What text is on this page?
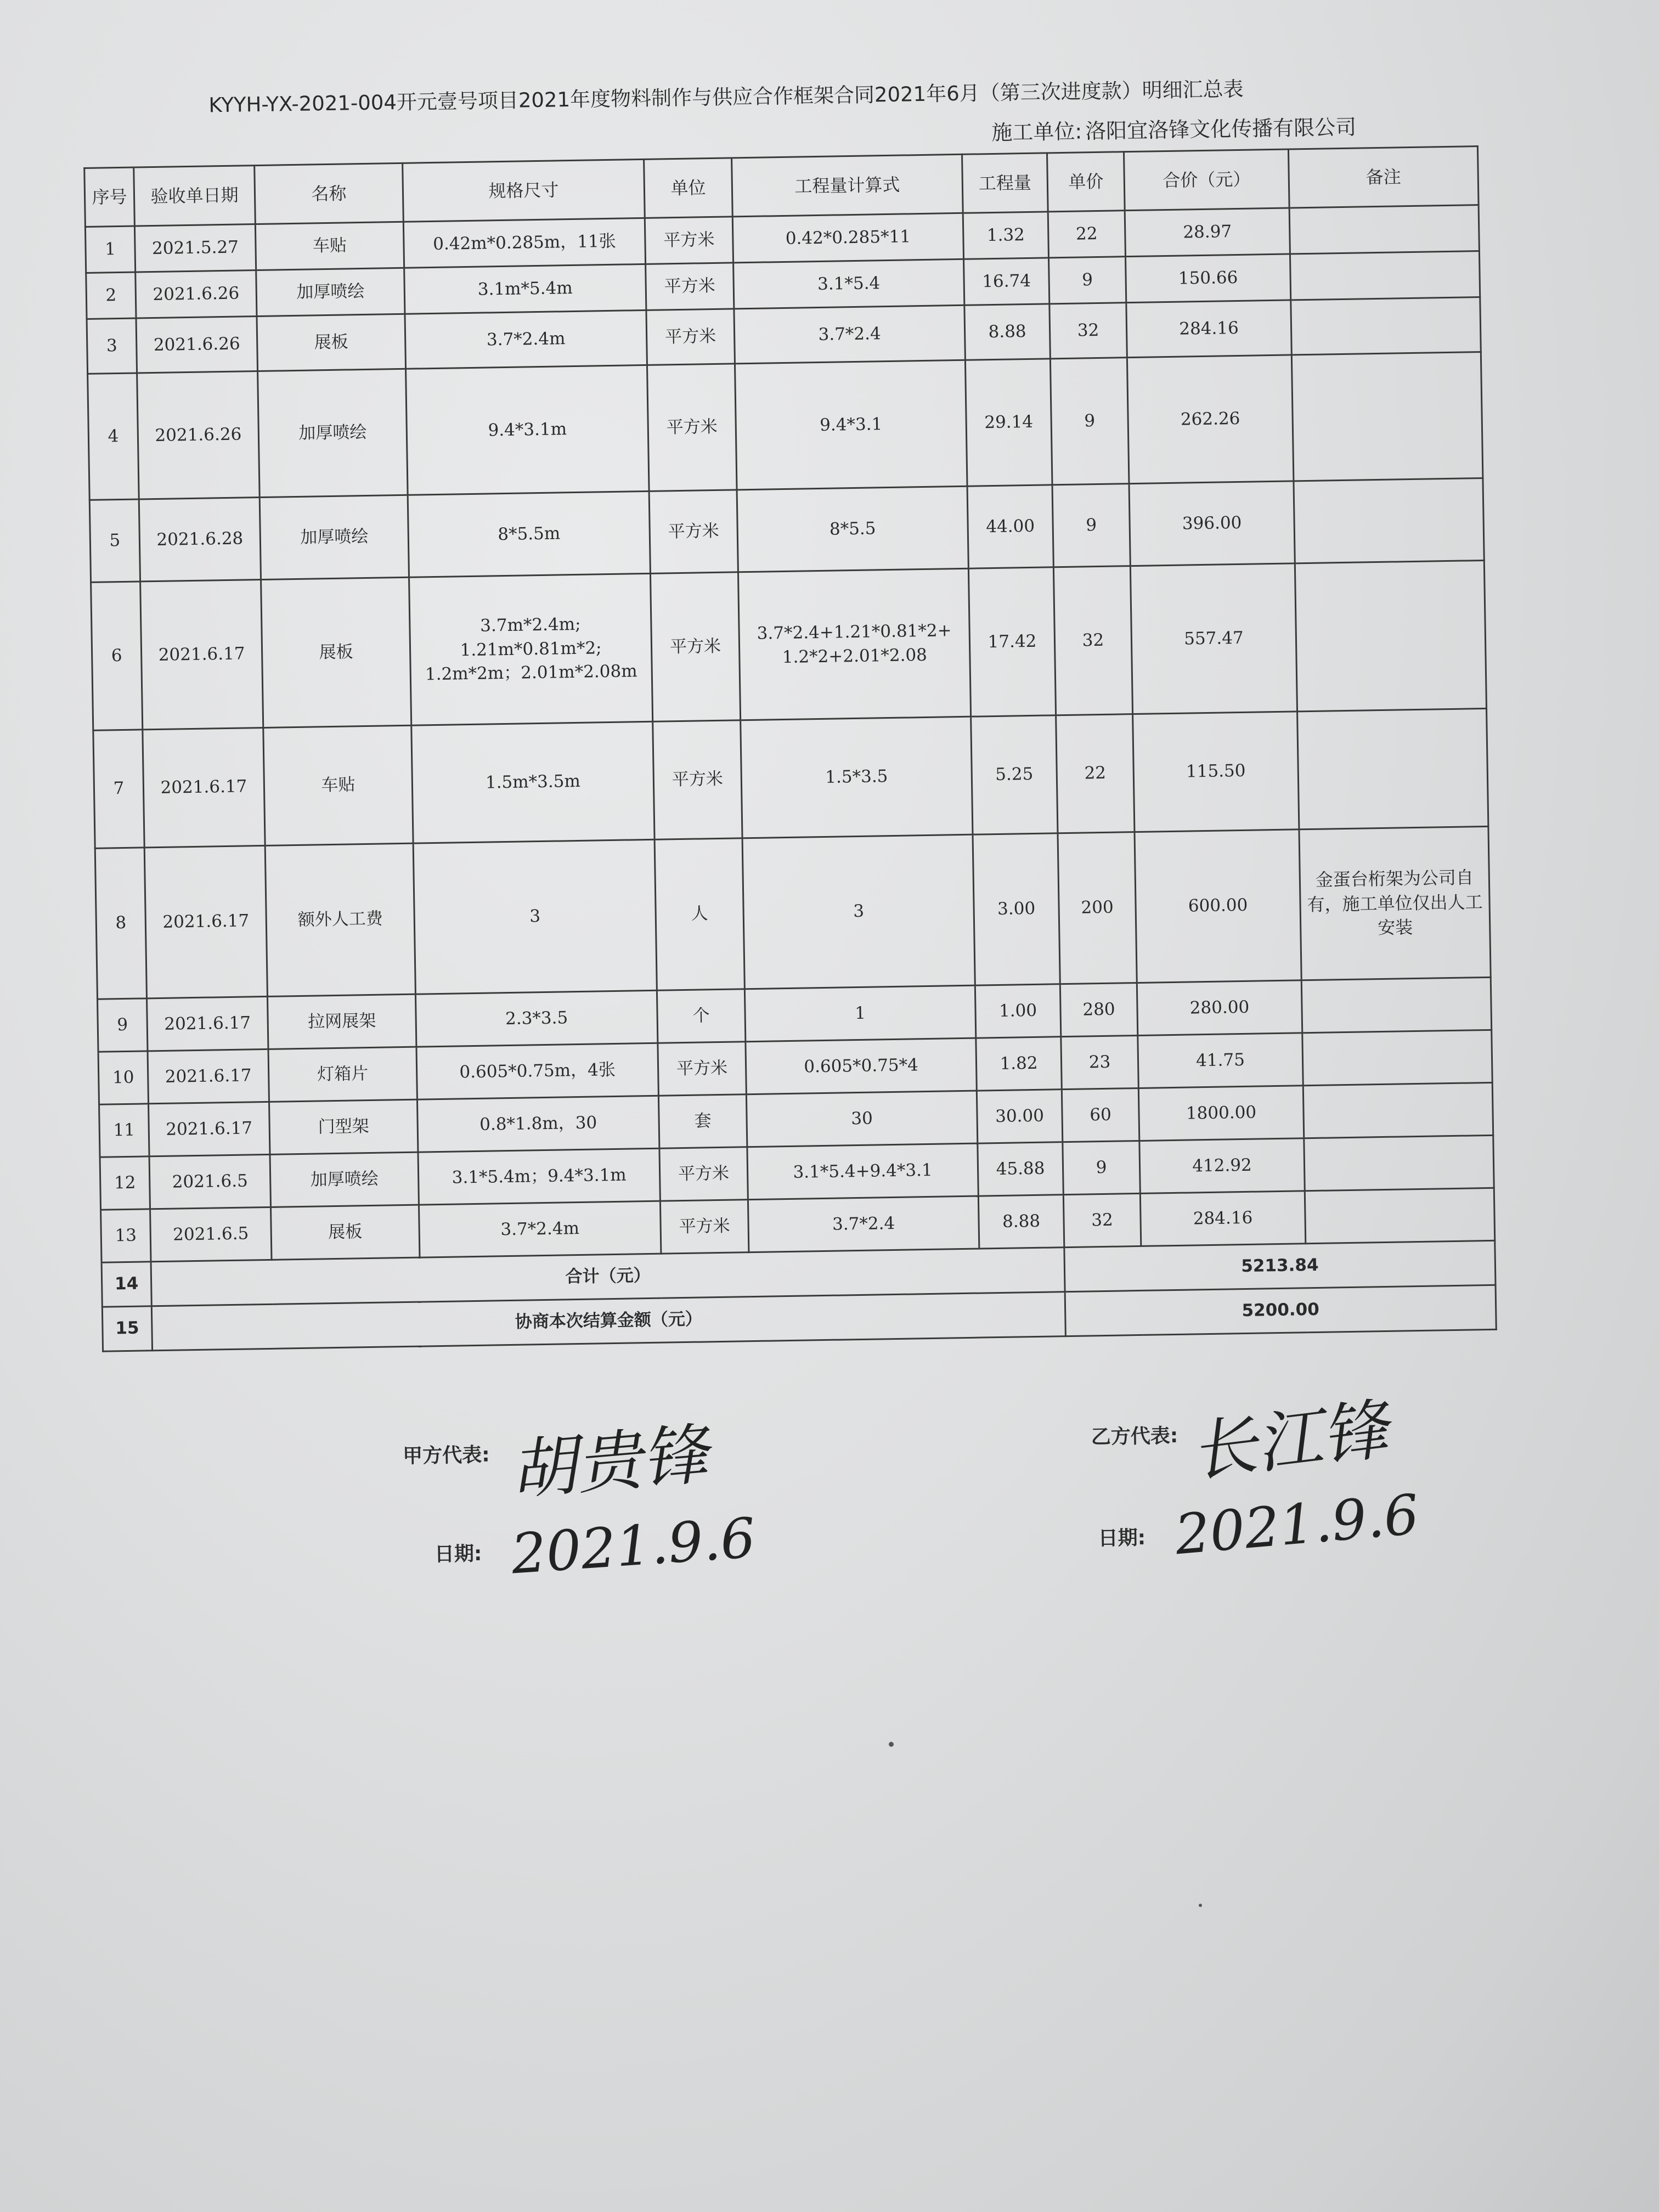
KYYH-YX-2021-004开元壹号项目2021年度物料制作与供应合作框架合同2021年6月（第三次进度款）明细汇总表
施工单位: 洛阳宜洛锋文化传播有限公司
序号	验收单日期	名称	规格尺寸	单位	工程量计算式	工程量	单价	合价（元）	备注
1	2021.5.27	车贴	0.42m*0.285m，11张	平方米	0.42*0.285*11	1.32	22	28.97	
2	2021.6.26	加厚喷绘	3.1m*5.4m	平方米	3.1*5.4	16.74	9	150.66	
3	2021.6.26	展板	3.7*2.4m	平方米	3.7*2.4	8.88	32	284.16	
4	2021.6.26	加厚喷绘	9.4*3.1m	平方米	9.4*3.1	29.14	9	262.26	
5	2021.6.28	加厚喷绘	8*5.5m	平方米	8*5.5	44.00	9	396.00	
6	2021.6.17	展板	3.7m*2.4m;
1.21m*0.81m*2;
1.2m*2m；2.01m*2.08m	平方米	3.7*2.4+1.21*0.81*2+
1.2*2+2.01*2.08	17.42	32	557.47	
7	2021.6.17	车贴	1.5m*3.5m	平方米	1.5*3.5	5.25	22	115.50	
8	2021.6.17	额外人工费	3	人	3	3.00	200	600.00	金蛋台桁架为公司自有，施工单位仅出人工安装
9	2021.6.17	拉网展架	2.3*3.5	个	1	1.00	280	280.00	
10	2021.6.17	灯箱片	0.605*0.75m，4张	平方米	0.605*0.75*4	1.82	23	41.75	
11	2021.6.17	门型架	0.8*1.8m，30	套	30	30.00	60	1800.00	
12	2021.6.5	加厚喷绘	3.1*5.4m；9.4*3.1m	平方米	3.1*5.4+9.4*3.1	45.88	9	412.92	
13	2021.6.5	展板	3.7*2.4m	平方米	3.7*2.4	8.88	32	284.16	
14	合计（元）						5213.84		
15	协商本次结算金额（元）						5200.00		
甲方代表: 胡贵锋
日期: 2021.9.6
乙方代表: 长江锋
日期: 2021.9.6
